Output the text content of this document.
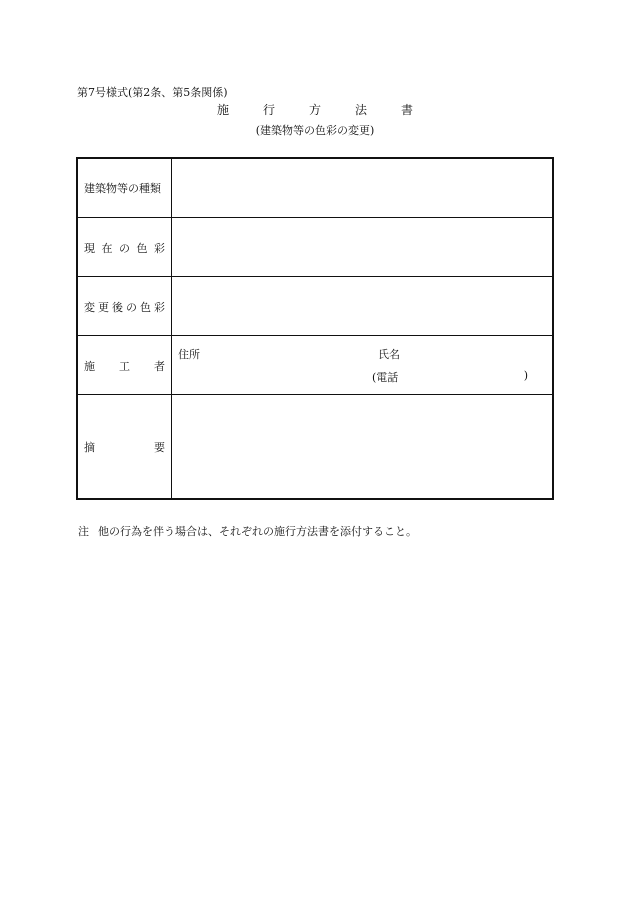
第7号様式(第2条、第5条関係)
施	行	方	法	書
(建築物等の色彩の変更)
建築物等の種類
現 在 の 色 彩
変 更 後 の 色 彩
施 工 者
住所	氏名
(電話	)
摘	要
注 他の行為を伴う場合は、それぞれの施行方法書を添付すること。
